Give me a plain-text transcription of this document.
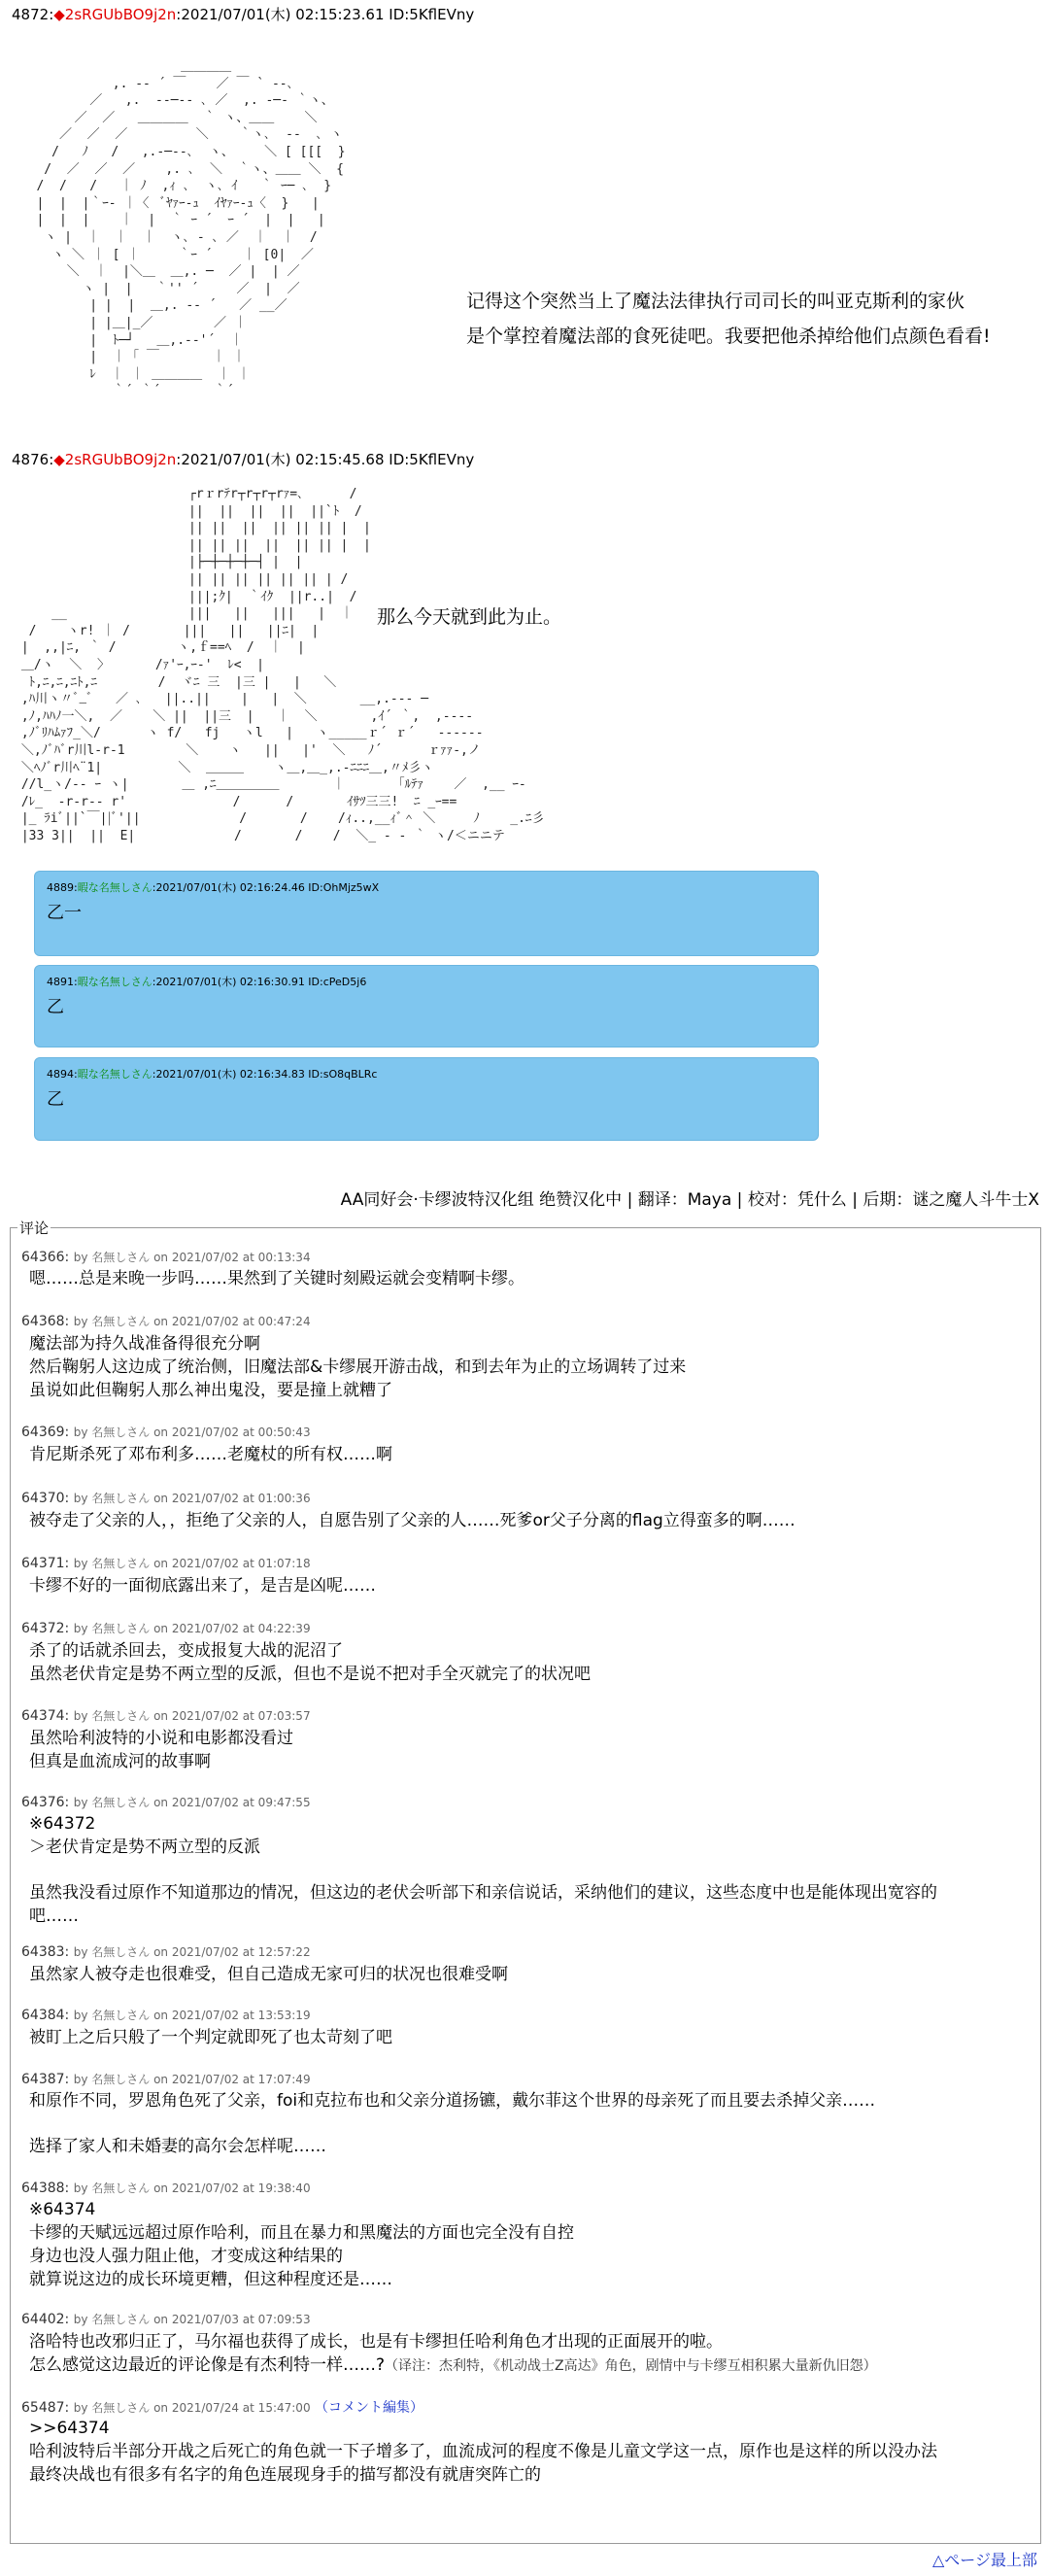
4872:◆2sRGUbBO9j2n:2021/07/01(木) 02:15:23.61 ID:5KflEVny
＿＿＿＿
,. -‐ ´ ￣    ／ ￣ ` ‐-､
／   ,.  -‐─‐- ､ ／  ,. -─‐ ｀ヽ、
／  ／   ＿＿＿＿  ｀ ヽ、＿＿    ＼
／  ／  ／         ＼    ｀ヽ､  ‐-  ､ ヽ
/   ﾉ   /   ,.-─‐-､  ヽ、    ＼ [ [[[  }
/  ／  ／  ／    ,. ､  ＼  ｀ヽ、＿＿ ＼  {
/  /   /   ｜ ﾉ  ,ｨ ､  ヽ､ ｲ   ｀ ｰ─ ､  }
|  |  |｀ｰ‐ ｜〈  ﾞﾔｧｰ‐ｭ  ｲﾔｧｰ‐ｭ〈  }   |
|  |  |    ｜  |  ｀ ｰ ´  ｰ ´  |  |   |
ヽ |  ｜  ｜  ｜  ヽ､ ‐ ､ ／  ｜  ｜  /
ヽ ＼ ｜ [ ｜     ｀ｰ ´    ｜ [0|  ／
＼  ｜  |＼＿  ＿,. ─  ／ |  | ／
ヽ |  |   ｀'' ´     ／  |  ／
| |  |  ＿,. -‐ ´   ／ __／
| |＿|_／        ／ ｜
|  ﾄ─┘   ＿,.-‐'´  ｜
|  ｜ ｢ ￣       ｜ ｜
ﾚ  ｜ ｜ ＿＿＿＿  ｜ ｜
｀´ ｀´       ｀´
记得这个突然当上了魔法法律执行司司长的叫亚克斯利的家伙
是个掌控着魔法部的食死徒吧。我要把他杀掉给他们点颜色看看!
4876:◆2sRGUbBO9j2n:2021/07/01(木) 02:15:45.68 ID:5KflEVny
┌rｒrﾃr┬r┬r┬rｧ=､      /
||  ||  ||  ||  ||`ﾄ  /
|| ||  ||  || || || |  |
|| || ||  ||  || || |  |
|├─┼─┼─┼─┤ |  |
|| || || || || || | /
|||;ｸ|  ｀ｲｸ  ||r..|  /
__                |||   ||   |||   |  ｜
/    ヽr! ｜ /       |||   ||   ||ﾆ|  |
|  ,,|ﾆ, ｀ /        ヽ,ｆ==ﾍ  /  ｜  |
＿/ヽ  ＼  〉      /ｧ'ｰ,ｰ‐'  ﾚ<  |
ﾄ,ﾆ,ﾆ,ﾆﾄ,ﾆ        /  ヾﾆ 三  |三 |   |   ＼
,ﾊ川ヽ〃ﾞ_ﾞ   ／ ､   ||..||    |   |  ＼       __,.‐-- ─
,ﾉ,ﾊﾊﾉ一＼,  ／    ＼ ||  ||三  |   ｜  ＼       ,ｲ´ ｀,  ,‐-‐-
,ﾉﾞﾘﾊﾑｧﾌ_＼/      ヽ f/   fj   ヽl   |   ヽ_____ｒ´ ｒ´   ‐-----
＼,ﾉﾞﾊﾞr川l-r-1        ＼    ヽ   ||   |'  ＼   ﾉ´      ｒｧｧ-,ノ
＼ﾍﾉﾞr川ﾍ¨1|          ＼  ＿＿＿    ヽ＿,＿_,.‐ﾆﾆﾆ＿,〃ﾒ彡ヽ
//l_ヽ/‐‐ ｰ ヽ|       ＿ ,ﾆ＿＿＿＿＿       ｜       ｢ﾙﾃｧ    ／  ,__ ｰ‐
/ﾚ_  ‐r-r-- r'              /      /       ｲｻﾂ三三!  ﾆ _ｰ==
|_ ﾗiﾞ||`￣||ﾞ'||             /       /    /ｨ..,__ｨﾞ＾ ＼     ﾉ    _.ﾆ彡
|33 3||  ||  E|             /       /    /  ＼_ ‐ ‐ ｀ ヽ/＜ニニテ

那么今天就到此为止。
4889:暇な名無しさん:2021/07/01(木) 02:16:24.46 ID:OhMjz5wX
乙一
4891:暇な名無しさん:2021/07/01(木) 02:16:30.91 ID:cPeD5j6
乙
4894:暇な名無しさん:2021/07/01(木) 02:16:34.83 ID:sO8qBLRc
乙
AA同好会·卡缪波特汉化组 绝赞汉化中 | 翻译：Maya | 校对：凭什么 | 后期：谜之魔人斗牛士X
评论
64366: by 名無しさん on 2021/07/02 at 00:13:34
嗯……总是来晚一步吗……果然到了关键时刻殿运就会变精啊卡缪。
64368: by 名無しさん on 2021/07/02 at 00:47:24
魔法部为持久战准备得很充分啊
然后鞠躬人这边成了统治侧，旧魔法部&卡缪展开游击战，和到去年为止的立场调转了过来
虽说如此但鞠躬人那么神出鬼没，要是撞上就糟了
64369: by 名無しさん on 2021/07/02 at 00:50:43
肯尼斯杀死了邓布利多……老魔杖的所有权……啊
64370: by 名無しさん on 2021/07/02 at 01:00:36
被夺走了父亲的人，，拒绝了父亲的人，自愿告别了父亲的人……死爹or父子分离的flag立得蛮多的啊……
64371: by 名無しさん on 2021/07/02 at 01:07:18
卡缪不好的一面彻底露出来了，是吉是凶呢……
64372: by 名無しさん on 2021/07/02 at 04:22:39
杀了的话就杀回去，变成报复大战的泥沼了
虽然老伏肯定是势不两立型的反派，但也不是说不把对手全灭就完了的状况吧
64374: by 名無しさん on 2021/07/02 at 07:03:57
虽然哈利波特的小说和电影都没看过
但真是血流成河的故事啊
64376: by 名無しさん on 2021/07/02 at 09:47:55
※64372
＞老伏肯定是势不两立型的反派
虽然我没看过原作不知道那边的情况，但这边的老伏会听部下和亲信说话，采纳他们的建议，这些态度中也是能体现出宽容的
吧……
64383: by 名無しさん on 2021/07/02 at 12:57:22
虽然家人被夺走也很难受，但自己造成无家可归的状况也很难受啊
64384: by 名無しさん on 2021/07/02 at 13:53:19
被盯上之后只般了一个判定就即死了也太苛刻了吧
64387: by 名無しさん on 2021/07/02 at 17:07:49
和原作不同，罗恩角色死了父亲，foi和克拉布也和父亲分道扬镳，戴尔菲这个世界的母亲死了而且要去杀掉父亲……
选择了家人和未婚妻的高尔会怎样呢……
64388: by 名無しさん on 2021/07/02 at 19:38:40
※64374
卡缪的天赋远远超过原作哈利，而且在暴力和黑魔法的方面也完全没有自控
身边也没人强力阻止他，才变成这种结果的
就算说这边的成长环境更糟，但这种程度还是……
64402: by 名無しさん on 2021/07/03 at 07:09:53
洛哈特也改邪归正了，马尔福也获得了成长，也是有卡缪担任哈利角色才出现的正面展开的啦。
怎么感觉这边最近的评论像是有杰利特一样……?（译注：杰利特，《机动战士Z高达》角色，剧情中与卡缪互相积累大量新仇旧怨）
65487: by 名無しさん on 2021/07/24 at 15:47:00 （コメント編集）
>>64374
哈利波特后半部分开战之后死亡的角色就一下子增多了，血流成河的程度不像是儿童文学这一点，原作也是这样的所以没办法
最终决战也有很多有名字的角色连展现身手的描写都没有就唐突阵亡的
△ページ最上部
